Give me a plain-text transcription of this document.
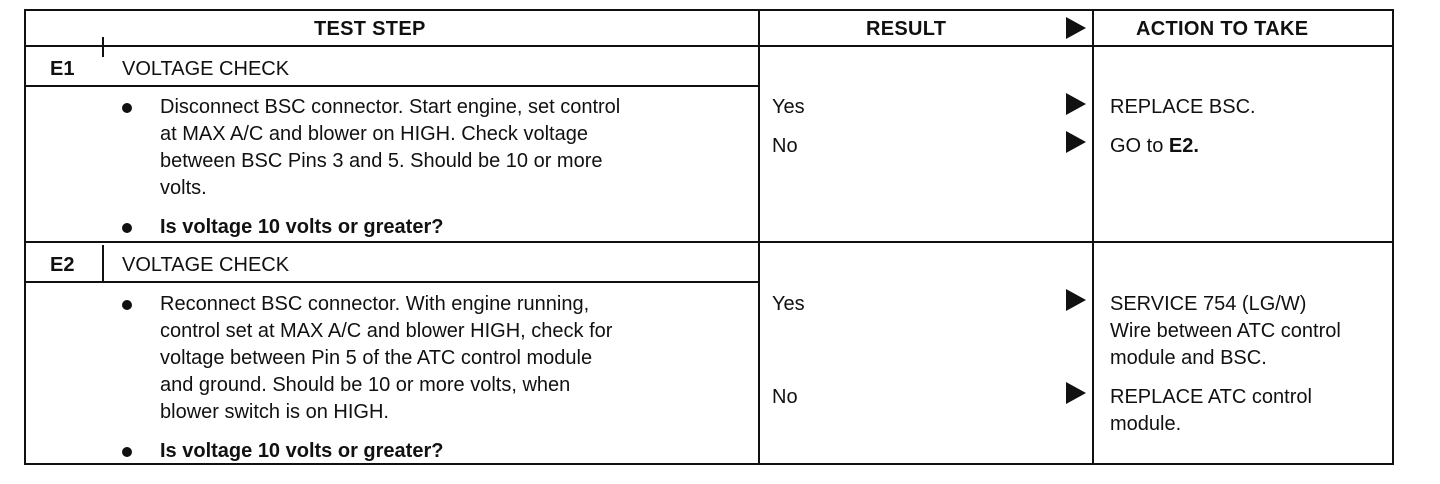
TEST STEP	RESULT	ACTION TO TAKE
E1 VOLTAGE CHECK
Disconnect BSC connector. Start engine, set control
at MAX A/C and blower on HIGH. Check voltage
between BSC Pins 3 and 5. Should be 10 or more
volts.
Is voltage 10 volts or greater?
Yes	REPLACE BSC.
No	GO to E2.
E2 VOLTAGE CHECK
Reconnect BSC connector. With engine running,
control set at MAX A/C and blower HIGH, check for
voltage between Pin 5 of the ATC control module
and ground. Should be 10 or more volts, when
blower switch is on HIGH.
Is voltage 10 volts or greater?
Yes	SERVICE 754 (LG/W)
Wire between ATC control
module and BSC.
No	REPLACE ATC control
module.
